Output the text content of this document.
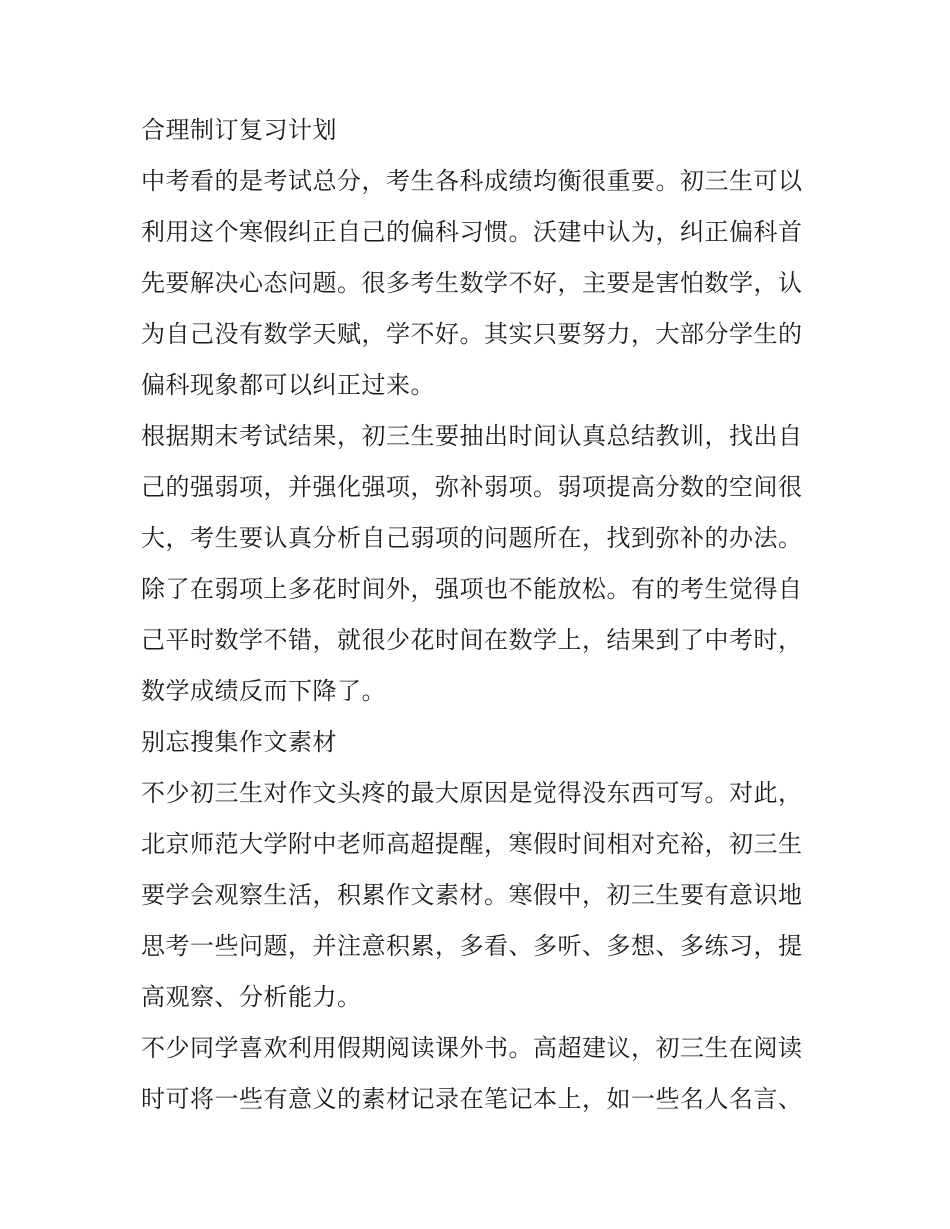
合理制订复习计划
中考看的是考试总分，考生各科成绩均衡很重要。初三生可以
利用这个寒假纠正自己的偏科习惯。沃建中认为，纠正偏科首
先要解决心态问题。很多考生数学不好，主要是害怕数学，认
为自己没有数学天赋，学不好。其实只要努力，大部分学生的
偏科现象都可以纠正过来。
根据期末考试结果，初三生要抽出时间认真总结教训，找出自
己的强弱项，并强化强项，弥补弱项。弱项提高分数的空间很
大，考生要认真分析自己弱项的问题所在，找到弥补的办法。
除了在弱项上多花时间外，强项也不能放松。有的考生觉得自
己平时数学不错，就很少花时间在数学上，结果到了中考时，
数学成绩反而下降了。
别忘搜集作文素材
不少初三生对作文头疼的最大原因是觉得没东西可写。对此，
北京师范大学附中老师高超提醒，寒假时间相对充裕，初三生
要学会观察生活，积累作文素材。寒假中，初三生要有意识地
思考一些问题，并注意积累，多看、多听、多想、多练习，提
高观察、分析能力。
不少同学喜欢利用假期阅读课外书。高超建议，初三生在阅读
时可将一些有意义的素材记录在笔记本上，如一些名人名言、
